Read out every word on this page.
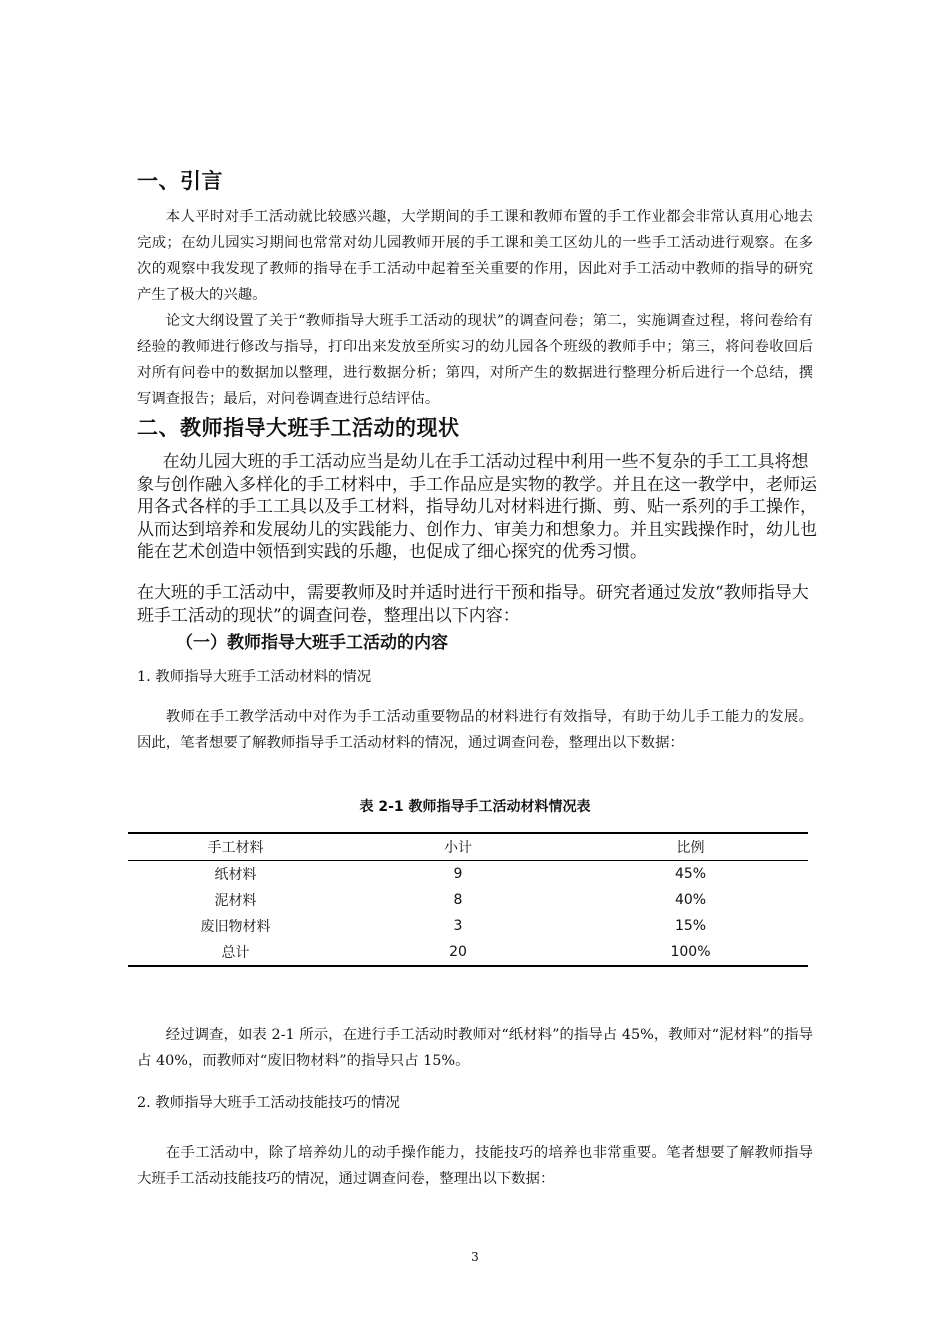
一、引言

本人平时对手工活动就比较感兴趣，大学期间的手工课和教师布置的手工作业都会非常认真用心地去完成；在幼儿园实习期间也常常对幼儿园教师开展的手工课和美工区幼儿的一些手工活动进行观察。在多次的观察中我发现了教师的指导在手工活动中起着至关重要的作用，因此对手工活动中教师的指导的研究产生了极大的兴趣。

论文大纲设置了关于“教师指导大班手工活动的现状”的调查问卷；第二，实施调查过程，将问卷给有经验的教师进行修改与指导，打印出来发放至所实习的幼儿园各个班级的教师手中；第三，将问卷收回后对所有问卷中的数据加以整理，进行数据分析；第四，对所产生的数据进行整理分析后进行一个总结，撰写调查报告；最后，对问卷调查进行总结评估。

二、教师指导大班手工活动的现状

在幼儿园大班的手工活动应当是幼儿在手工活动过程中利用一些不复杂的手工工具将想象与创作融入多样化的手工材料中，手工作品应是实物的教学。并且在这一教学中，老师运用各式各样的手工工具以及手工材料，指导幼儿对材料进行撕、剪、贴一系列的手工操作，从而达到培养和发展幼儿的实践能力、创作力、审美力和想象力。并且实践操作时，幼儿也能在艺术创造中领悟到实践的乐趣，也促成了细心探究的优秀习惯。

在大班的手工活动中，需要教师及时并适时进行干预和指导。研究者通过发放“教师指导大班手工活动的现状”的调查问卷，整理出以下内容：

（一）教师指导大班手工活动的内容
1. 教师指导大班手工活动材料的情况

教师在手工教学活动中对作为手工活动重要物品的材料进行有效指导，有助于幼儿手工能力的发展。因此，笔者想要了解教师指导手工活动材料的情况，通过调查问卷，整理出以下数据：

表 2-1 教师指导手工活动材料情况表
手工材料	小计	比例
纸材料	9	45%
泥材料	8	40%
废旧物材料	3	15%
总计	20	100%

经过调查，如表 2-1 所示，在进行手工活动时教师对“纸材料”的指导占 45%，教师对“泥材料”的指导占 40%，而教师对“废旧物材料”的指导只占 15%。

2. 教师指导大班手工活动技能技巧的情况

在手工活动中，除了培养幼儿的动手操作能力，技能技巧的培养也非常重要。笔者想要了解教师指导大班手工活动技能技巧的情况，通过调查问卷，整理出以下数据：

3
